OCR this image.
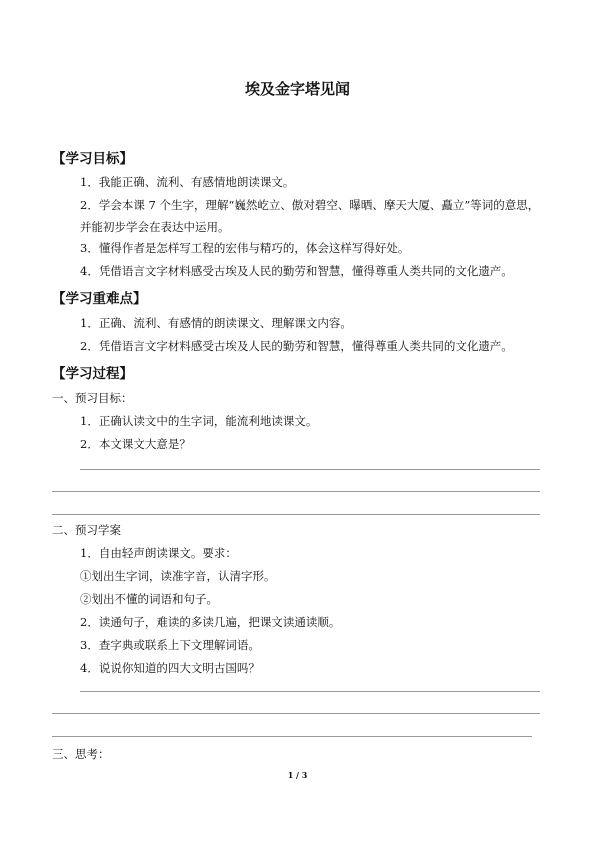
埃及金字塔见闻
【学习目标】
1．我能正确、流利、有感情地朗读课文。
2．学会本课 7 个生字，理解“巍然屹立、傲对碧空、曝晒、摩天大厦、矗立”等词的意思，并能初步学会在表达中运用。
3．懂得作者是怎样写工程的宏伟与精巧的，体会这样写得好处。
4．凭借语言文字材料感受古埃及人民的勤劳和智慧，懂得尊重人类共同的文化遗产。
【学习重难点】
1．正确、流利、有感情的朗读课文、理解课文内容。
2．凭借语言文字材料感受古埃及人民的勤劳和智慧，懂得尊重人类共同的文化遗产。
【学习过程】
一、预习目标：
1．正确认读文中的生字词，能流利地读课文。
2．本文课文大意是？
二、预习学案
1．自由轻声朗读课文。要求：
①划出生字词，读准字音，认清字形。
②划出不懂的词语和句子。
2．读通句子，难读的多读几遍，把课文读通读顺。
3．查字典或联系上下文理解词语。
4．说说你知道的四大文明古国吗？
三、思考：
1 / 3
